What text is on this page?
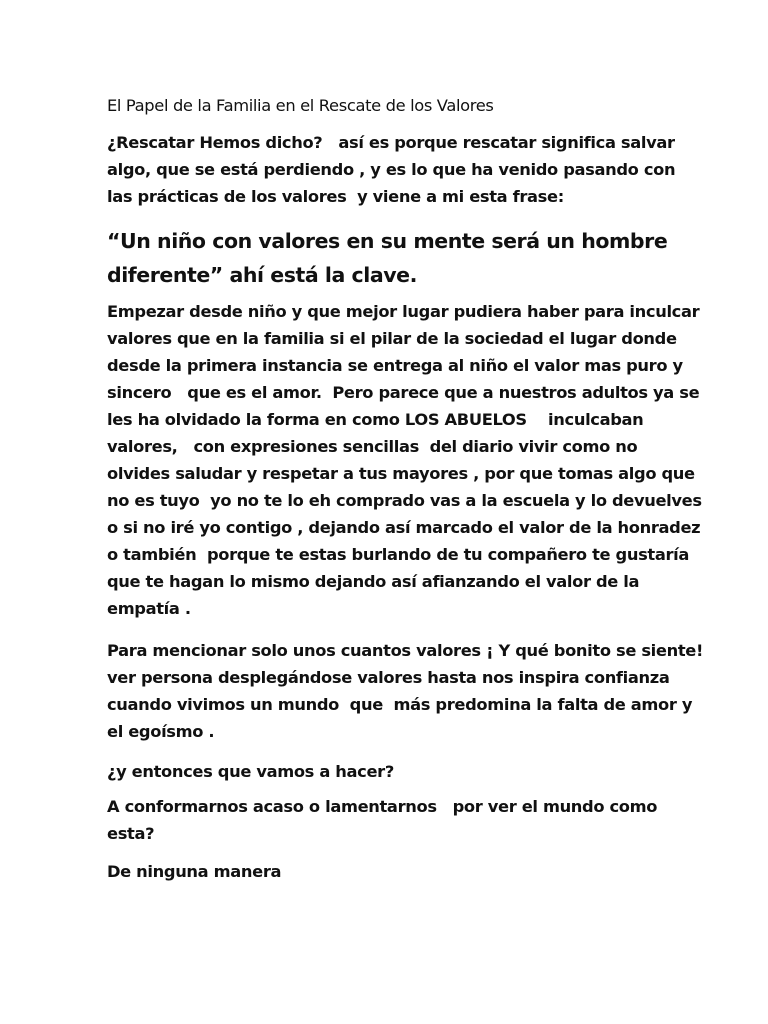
El Papel de la Familia en el Rescate de los Valores
¿Rescatar Hemos dicho?   así es porque rescatar significa salvar
algo, que se está perdiendo , y es lo que ha venido pasando con
las prácticas de los valores  y viene a mi esta frase:
“Un niño con valores en su mente será un hombre
diferente” ahí está la clave.
Empezar desde niño y que mejor lugar pudiera haber para inculcar
valores que en la familia si el pilar de la sociedad el lugar donde
desde la primera instancia se entrega al niño el valor mas puro y
sincero   que es el amor.  Pero parece que a nuestros adultos ya se
les ha olvidado la forma en como LOS ABUELOS    inculcaban
valores,   con expresiones sencillas  del diario vivir como no
olvides saludar y respetar a tus mayores , por que tomas algo que
no es tuyo  yo no te lo eh comprado vas a la escuela y lo devuelves
o si no iré yo contigo , dejando así marcado el valor de la honradez
o también  porque te estas burlando de tu compañero te gustaría
que te hagan lo mismo dejando así afianzando el valor de la
empatía .
Para mencionar solo unos cuantos valores ¡ Y qué bonito se siente!
ver persona desplegándose valores hasta nos inspira confianza
cuando vivimos un mundo  que  más predomina la falta de amor y
el egoísmo .
¿y entonces que vamos a hacer?
A conformarnos acaso o lamentarnos   por ver el mundo como
esta?
De ninguna manera
